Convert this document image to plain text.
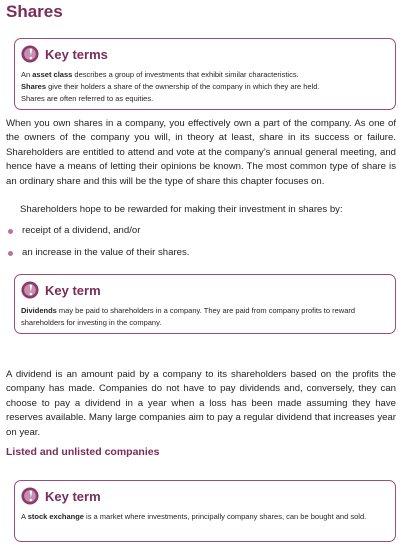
Shares
Key terms
An asset class describes a group of investments that exhibit similar characteristics.
Shares give their holders a share of the ownership of the company in which they are held.
Shares are often referred to as equities.

When you own shares in a company, you effectively own a part of the company. As one of the owners of the company you will, in theory at least, share in its success or failure. Shareholders are entitled to attend and vote at the company’s annual general meeting, and hence have a means of letting their opinions be known. The most common type of share is an ordinary share and this will be the type of share this chapter focuses on.

Shareholders hope to be rewarded for making their investment in shares by:

receipt of a dividend, and/or
an increase in the value of their shares.
Key term
Dividends may be paid to shareholders in a company. They are paid from company profits to reward shareholders for investing in the company.

A dividend is an amount paid by a company to its shareholders based on the profits the company has made. Companies do not have to pay dividends and, conversely, they can choose to pay a dividend in a year when a loss has been made assuming they have reserves available. Many large companies aim to pay a regular dividend that increases year on year.

Listed and unlisted companies
Key term
A stock exchange is a market where investments, principally company shares, can be bought and sold.
